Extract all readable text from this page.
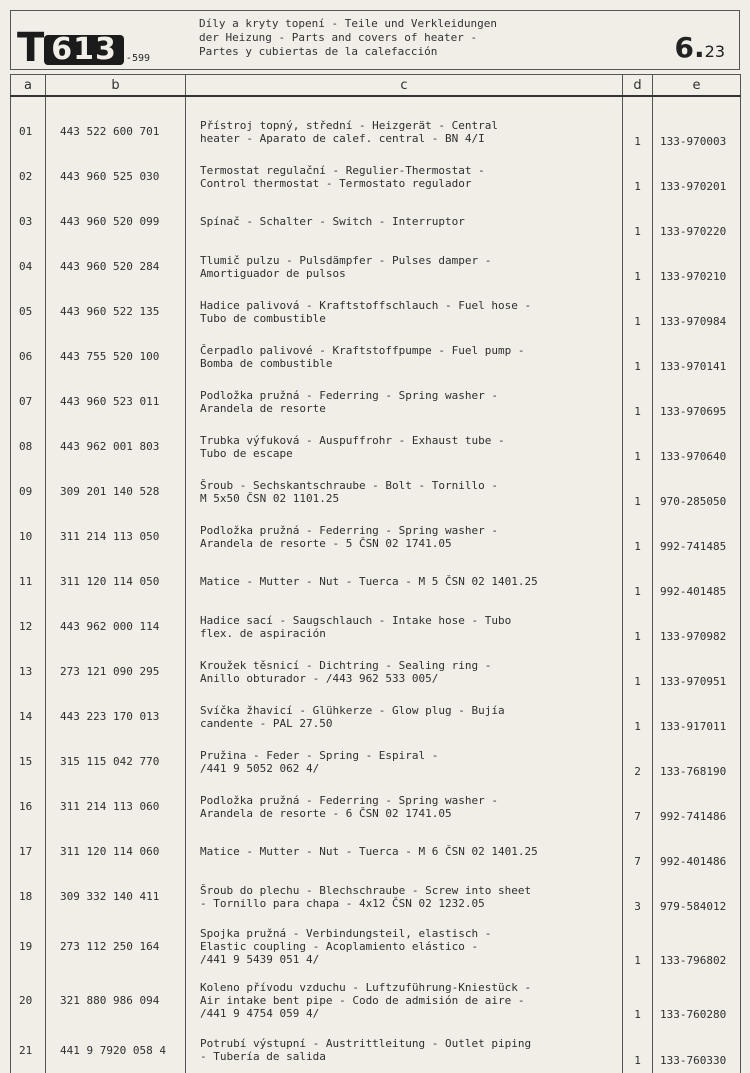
T 613 -599
Díly a kryty topení - Teile und Verkleidungen
der Heizung - Parts and covers of heater -
Partes y cubiertas de la calefacción	6.23
a	b	c	d	e

01	443 522 600 701	Přístroj topný, střední - Heizgerät - Central
heater - Aparato de calef. central - BN 4/I	1	133-970003
02	443 960 525 030	Termostat regulační - Regulier-Thermostat -
Control thermostat - Termostato regulador	1	133-970201
03	443 960 520 099	Spínač - Schalter - Switch - Interruptor	1	133-970220
04	443 960 520 284	Tlumič pulzu - Pulsdämpfer - Pulses damper -
Amortiguador de pulsos	1	133-970210
05	443 960 522 135	Hadice palivová - Kraftstoffschlauch - Fuel hose -
Tubo de combustible	1	133-970984
06	443 755 520 100	Čerpadlo palivové - Kraftstoffpumpe - Fuel pump -
Bomba de combustible	1	133-970141
07	443 960 523 011	Podložka pružná - Federring - Spring washer -
Arandela de resorte	1	133-970695
08	443 962 001 803	Trubka výfuková - Auspuffrohr - Exhaust tube -
Tubo de escape	1	133-970640
09	309 201 140 528	Šroub - Sechskantschraube - Bolt - Tornillo -
M 5x50 ČSN 02 1101.25	1	970-285050
10	311 214 113 050	Podložka pružná - Federring - Spring washer -
Arandela de resorte - 5 ČSN 02 1741.05	1	992-741485
11	311 120 114 050	Matice - Mutter - Nut - Tuerca - M 5 ČSN 02 1401.25	1	992-401485
12	443 962 000 114	Hadice sací - Saugschlauch - Intake hose - Tubo
flex. de aspiración	1	133-970982
13	273 121 090 295	Kroužek těsnicí - Dichtring - Sealing ring -
Anillo obturador - /443 962 533 005/	1	133-970951
14	443 223 170 013	Svíčka žhavicí - Glühkerze - Glow plug - Bujía
candente - PAL 27.50	1	133-917011
15	315 115 042 770	Pružina - Feder - Spring - Espiral -
/441 9 5052 062 4/	2	133-768190
16	311 214 113 060	Podložka pružná - Federring - Spring washer -
Arandela de resorte - 6 ČSN 02 1741.05	7	992-741486
17	311 120 114 060	Matice - Mutter - Nut - Tuerca - M 6 ČSN 02 1401.25	7	992-401486
18	309 332 140 411	Šroub do plechu - Blechschraube - Screw into sheet
- Tornillo para chapa - 4x12 ČSN 02 1232.05	3	979-584012
19	273 112 250 164	Spojka pružná - Verbindungsteil, elastisch -
Elastic coupling - Acoplamiento elástico -
/441 9 5439 051 4/	1	133-796802
20	321 880 986 094	Koleno přívodu vzduchu - Luftzuführung-Kniestück -
Air intake bent pipe - Codo de admisión de aire -
/441 9 4754 059 4/	1	133-760280
21	441 9 7920 058 4	Potrubí výstupní - Austrittleitung - Outlet piping
- Tubería de salida	1	133-760330
